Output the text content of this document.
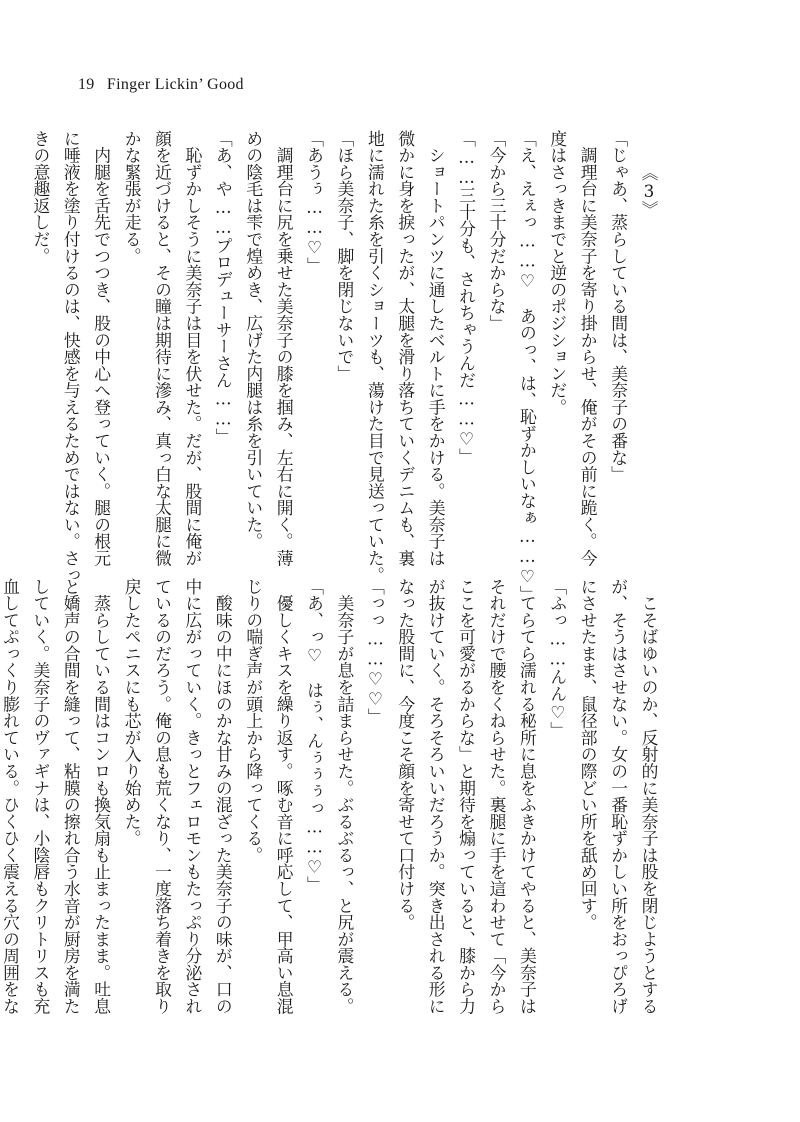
19 Finger Lickin’ Good

《3》

「じゃあ、蒸らしている間は、美奈子の番な」

　調理台に美奈子を寄り掛からせ、俺がその前に跪く。今

度はさっきまでと逆のポジションだ。

「え、えぇっ……♡　あのっ、は、恥ずかしいなぁ……♡」

「今から三十分だからな」

「……三十分も、されちゃうんだ……♡」

　ショートパンツに通したベルトに手をかける。美奈子は

微かに身を捩ったが、太腿を滑り落ちていくデニムも、裏

地に濡れた糸を引くショーツも、蕩けた目で見送っていた。

「ほら美奈子、脚を閉じないで」

「あうぅ……♡」

　調理台に尻を乗せた美奈子の膝を掴み、左右に開く。薄

めの陰毛は雫で煌めき、広げた内腿は糸を引いていた。

「あ、や……プロデューサーさん……」

　恥ずかしそうに美奈子は目を伏せた。だが、股間に俺が

顔を近づけると、その瞳は期待に滲み、真っ白な太腿に微

かな緊張が走る。

　内腿を舌先でつつき、股の中心へ登っていく。腿の根元

に唾液を塗り付けるのは、快感を与えるためではない。さっ

きの意趣返しだ。

　こそばゆいのか、反射的に美奈子は股を閉じようとする

が、そうはさせない。女の一番恥ずかしい所をおっぴろげ

にさせたまま、鼠径部の際どい所を舐め回す。

「ふっ……んん♡」

　てらてら濡れる秘所に息をふきかけてやると、美奈子は

それだけで腰をくねらせた。裏腿に手を這わせて「今から

ここを可愛がるからな」と期待を煽っていると、膝から力

が抜けていく。そろそろいいだろうか。突き出される形に

なった股間に、今度こそ顔を寄せて口付ける。

「っっ……♡♡」

　美奈子が息を詰まらせた。ぶるぶるっ、と尻が震える。

「あ、っ♡　はぅ、んぅぅぅっ……♡」

　優しくキスを繰り返す。啄む音に呼応して、甲高い息混

じりの喘ぎ声が頭上から降ってくる。

　酸味の中にほのかな甘みの混ざった美奈子の味が、口の

中に広がっていく。きっとフェロモンもたっぷり分泌され

ているのだろう。俺の息も荒くなり、一度落ち着きを取り

戻したペニスにも芯が入り始めた。

　蒸らしている間はコンロも換気扇も止まったまま。吐息

と嬌声の合間を縫って、粘膜の擦れ合う水音が厨房を満た

していく。美奈子のヴァギナは、小陰唇もクリトリスも充

血してぷっくり膨れている。ひくひく震える穴の周囲をな
